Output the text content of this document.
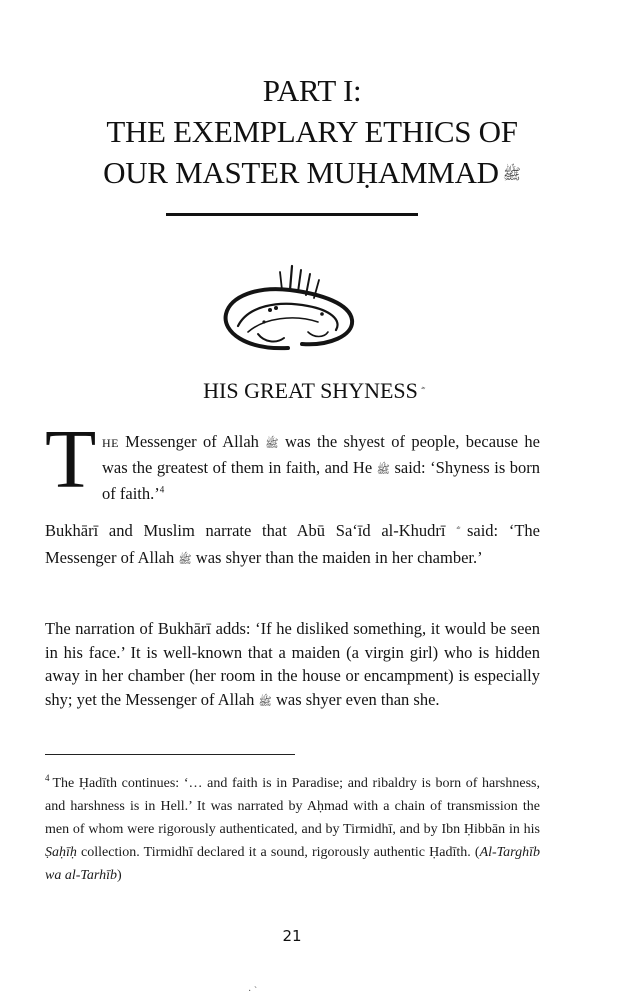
PART I:
THE EXEMPLARY ETHICS OF
OUR MASTER MUḤAMMAD ﷺ
HIS GREAT SHYNESS
T HE Messenger of Allah ﷺ was the shyest of people, because he was the greatest of them in faith, and He ﷺ said: ‘Shyness is born of faith.’$^4$

Bukhārī and Muslim narrate that Abū Sa‘īd al-Khudrī said: ‘The Messenger of Allah ﷺ was shyer than the maiden in her chamber.’

The narration of Bukhārī adds: ‘If he disliked something, it would be seen in his face.’ It is well-known that a maiden (a virgin girl) who is hidden away in her chamber (her room in the house or encampment) is especially shy; yet the Messenger of Allah ﷺ was shyer even than she.

$^4$ The Ḥadīth continues: ‘… and faith is in Paradise; and ribaldry is born of harshness, and harshness is in Hell.’ It was narrated by Aḥmad with a chain of transmission the men of whom were rigorously authenticated, and by Tirmidhī, and by Ibn Ḥibbān in his Ṣaḥīḥ collection. Tirmidhī declared it a sound, rigorously authentic Ḥadīth. (Al-Targhīb wa al-Tarhīb)

21
· ˋ
